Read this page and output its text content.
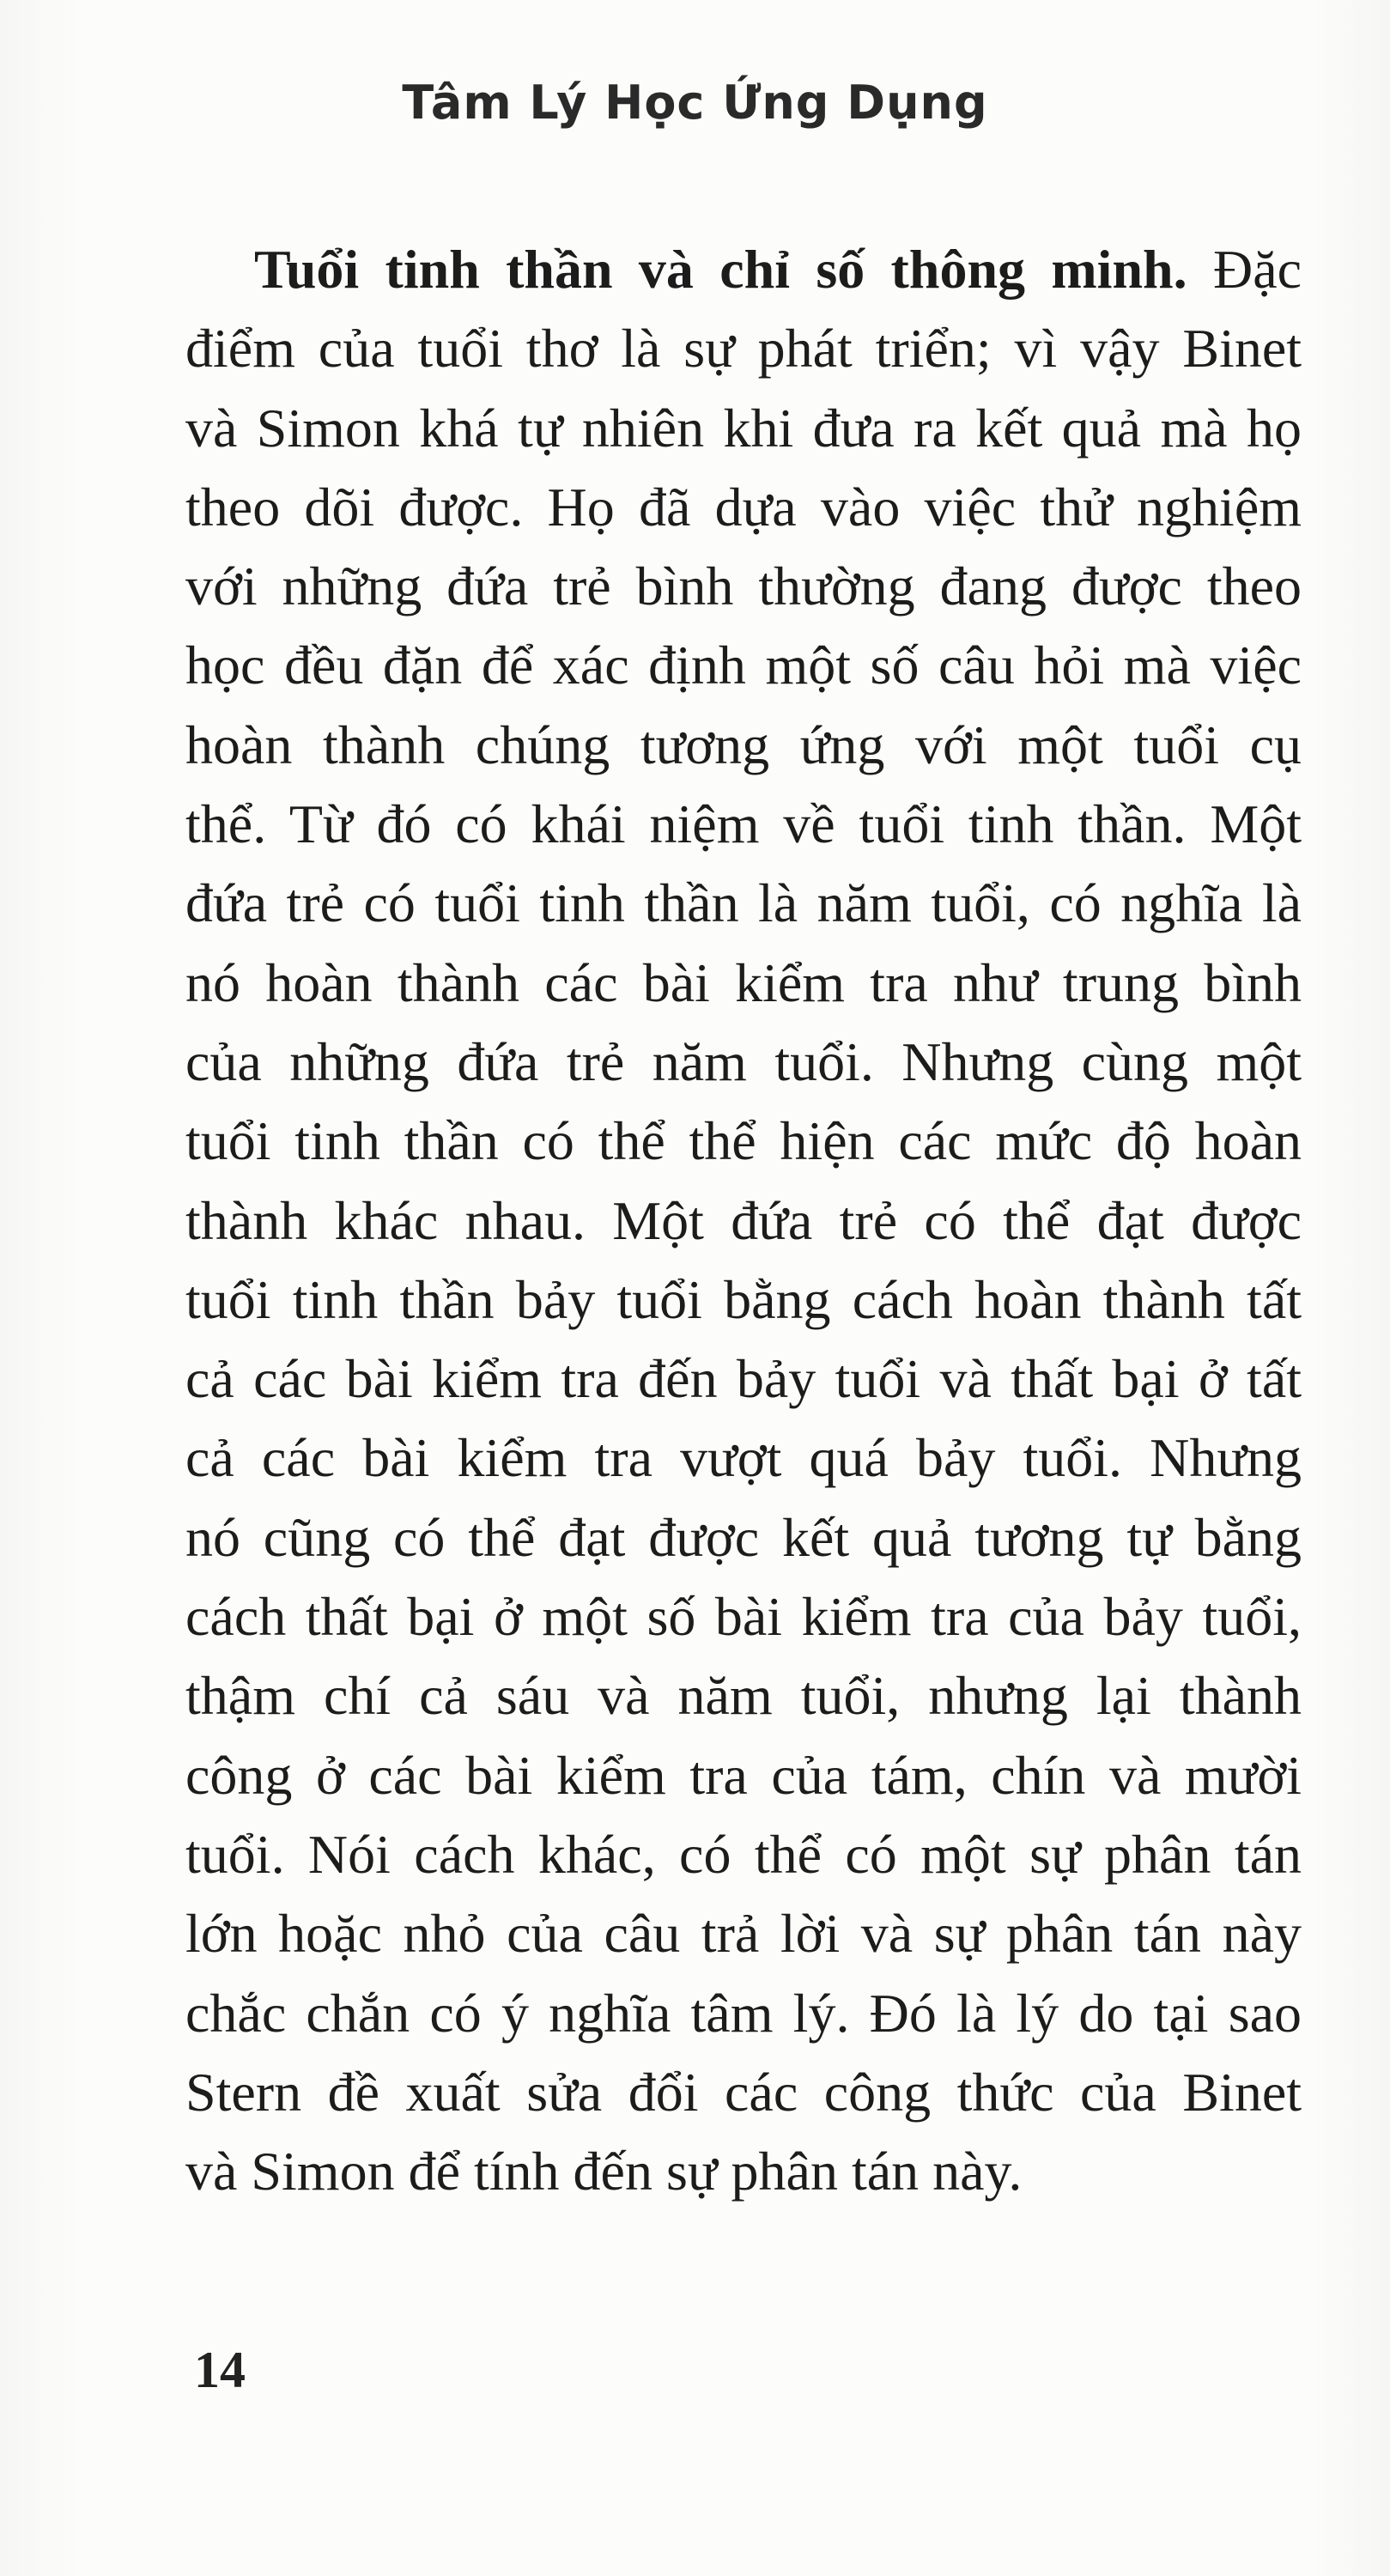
Tâm Lý Học Ứng Dụng
Tuổi tinh thần và chỉ số thông minh. Đặc
điểm của tuổi thơ là sự phát triển; vì vậy Binet
và Simon khá tự nhiên khi đưa ra kết quả mà họ
theo dõi được. Họ đã dựa vào việc thử nghiệm
với những đứa trẻ bình thường đang được theo
học đều đặn để xác định một số câu hỏi mà việc
hoàn thành chúng tương ứng với một tuổi cụ
thể. Từ đó có khái niệm về tuổi tinh thần. Một
đứa trẻ có tuổi tinh thần là năm tuổi, có nghĩa là
nó hoàn thành các bài kiểm tra như trung bình
của những đứa trẻ năm tuổi. Nhưng cùng một
tuổi tinh thần có thể thể hiện các mức độ hoàn
thành khác nhau. Một đứa trẻ có thể đạt được
tuổi tinh thần bảy tuổi bằng cách hoàn thành tất
cả các bài kiểm tra đến bảy tuổi và thất bại ở tất
cả các bài kiểm tra vượt quá bảy tuổi. Nhưng
nó cũng có thể đạt được kết quả tương tự bằng
cách thất bại ở một số bài kiểm tra của bảy tuổi,
thậm chí cả sáu và năm tuổi, nhưng lại thành
công ở các bài kiểm tra của tám, chín và mười
tuổi. Nói cách khác, có thể có một sự phân tán
lớn hoặc nhỏ của câu trả lời và sự phân tán này
chắc chắn có ý nghĩa tâm lý. Đó là lý do tại sao
Stern đề xuất sửa đổi các công thức của Binet
và Simon để tính đến sự phân tán này.

14
